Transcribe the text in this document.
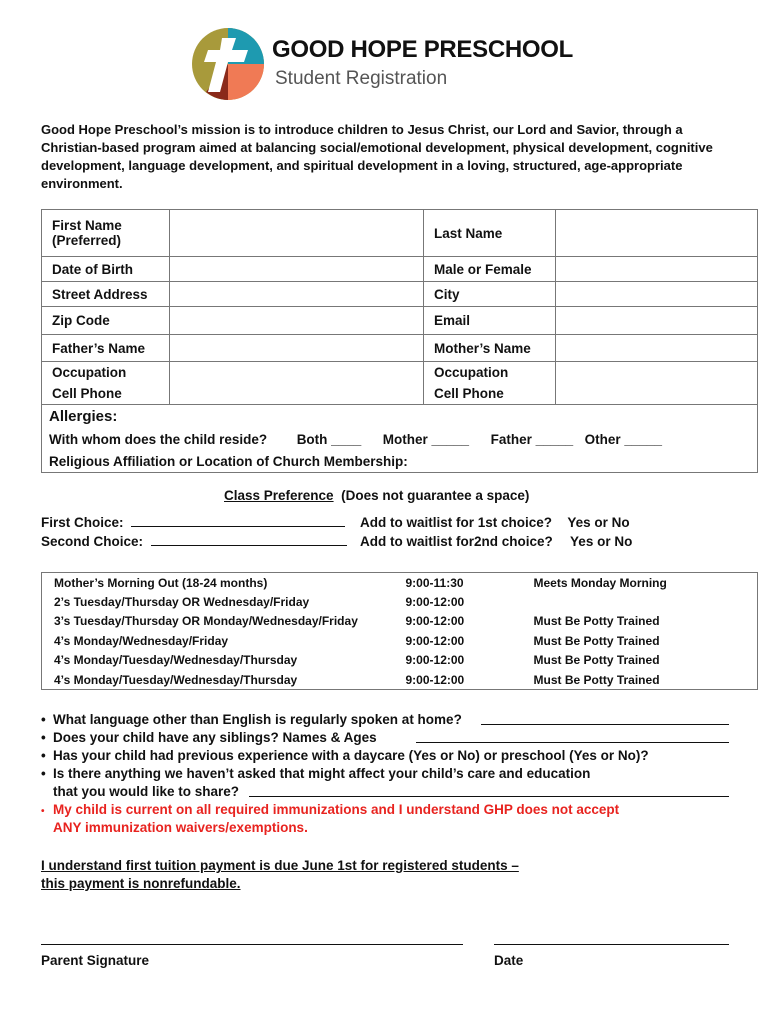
GOOD HOPE PRESCHOOL
Student Registration
Good Hope Preschool’s mission is to introduce children to Jesus Christ, our Lord and Savior, through a Christian-based program aimed at balancing social/emotional development, physical development, cognitive development, language development, and spiritual development in a loving, structured, age-appropriate environment.
First Name
(Preferred)		Last Name	
Date of Birth		Male or Female	
Street Address		City	
Zip Code		Email	
Father’s Name		Mother’s Name	
Occupation		Occupation	
Cell Phone		Cell Phone	
Allergies:			
With whom does the child reside? Both ____ Mother _____ Father _____ Other _____			
Religious Affiliation or Location of Church Membership:			
Class Preference (Does not guarantee a space)
First Choice:
Second Choice:
Add to waitlist for 1st choice? Yes or No
Add to waitlist for2nd choice? Yes or No
Mother’s Morning Out (18-24 months)	9:00-11:30	Meets Monday Morning
2’s Tuesday/Thursday OR Wednesday/Friday	9:00-12:00	
3’s Tuesday/Thursday OR Monday/Wednesday/Friday	9:00-12:00	Must Be Potty Trained
4’s Monday/Wednesday/Friday	9:00-12:00	Must Be Potty Trained
4’s Monday/Tuesday/Wednesday/Thursday	9:00-12:00	Must Be Potty Trained
4’s Monday/Tuesday/Wednesday/Thursday	9:00-12:00	Must Be Potty Trained
• What language other than English is regularly spoken at home?
• Does your child have any siblings? Names & Ages
• Has your child had previous experience with a daycare (Yes or No) or preschool (Yes or No)?
• Is there anything we haven’t asked that might affect your child’s care and education
that you would like to share?
• My child is current on all required immunizations and I understand GHP does not accept
ANY immunization waivers/exemptions.
I understand first tuition payment is due June 1st for registered students –
this payment is nonrefundable.
Parent Signature	Date
